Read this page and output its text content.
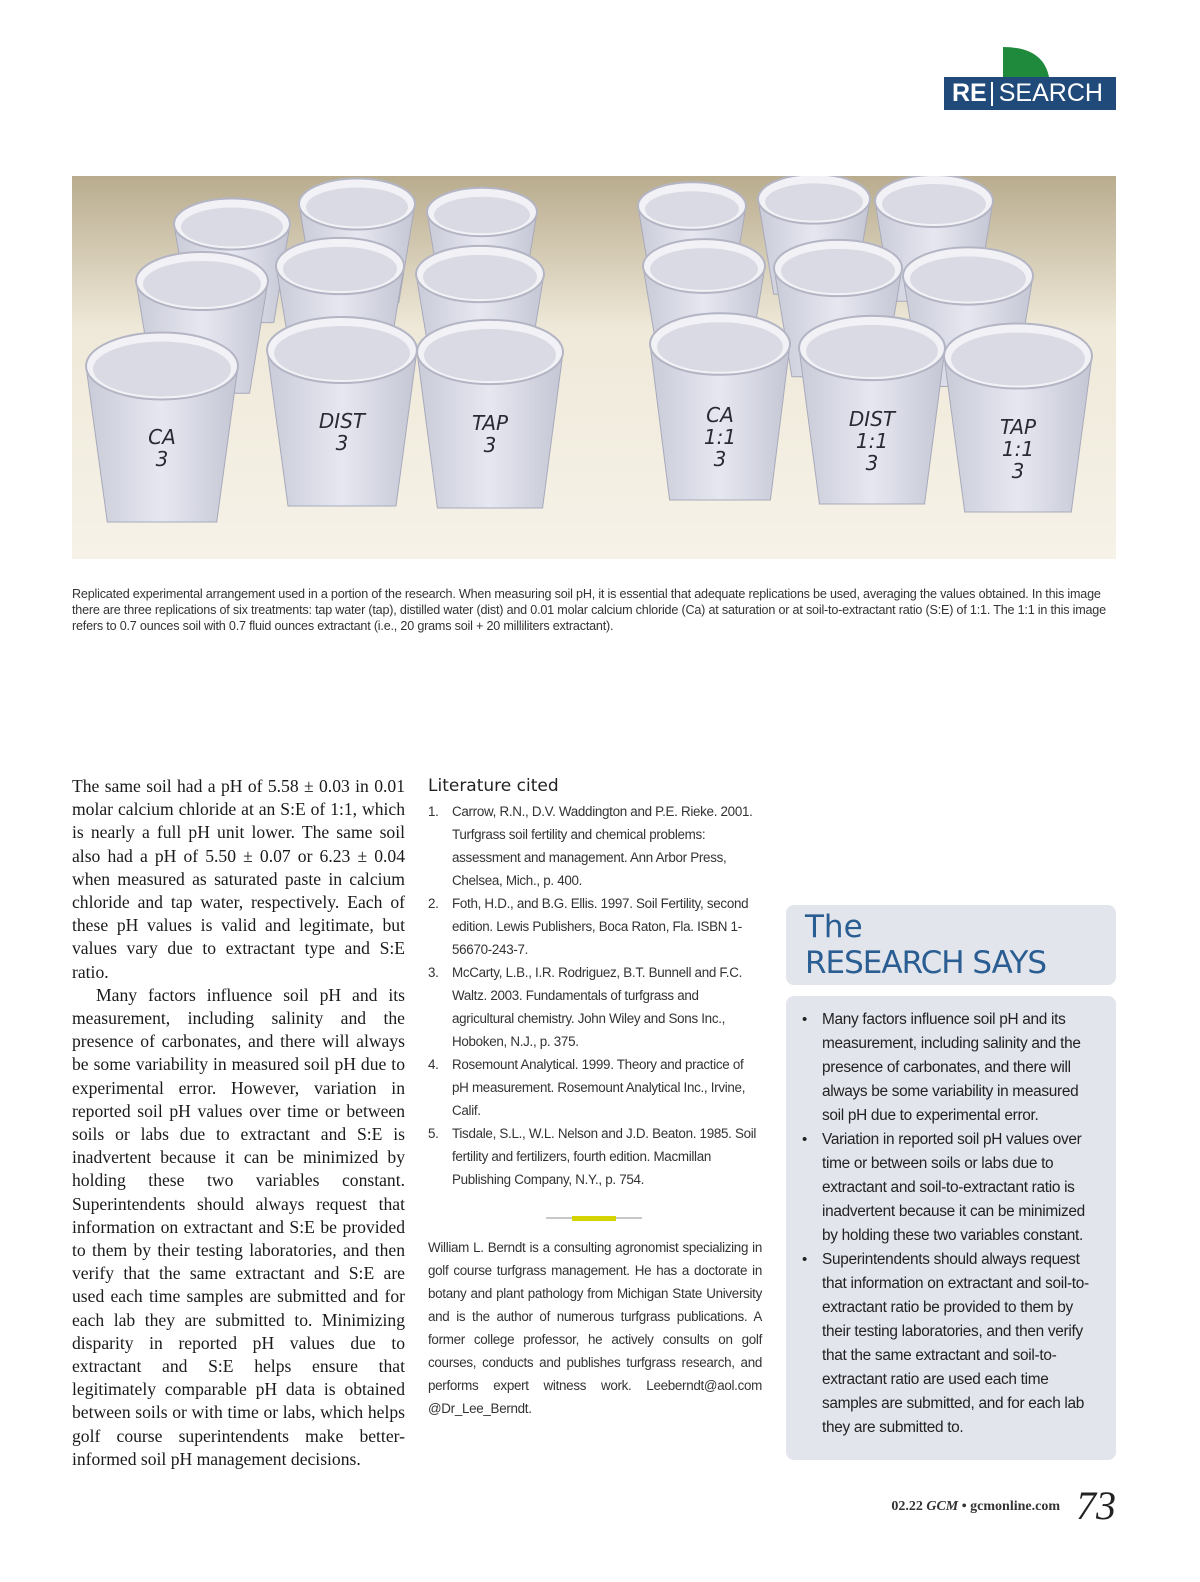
RE SEARCH
CA
3
DIST
3
TAP
3
CA
1:1
3
DIST
1:1
3
TAP
1:1
3
Replicated experimental arrangement used in a portion of the research. When measuring soil pH, it is essential that adequate replications be used, averaging the values obtained. In this image there are three replications of six treatments: tap water (tap), distilled water (dist) and 0.01 molar calcium chloride (Ca) at saturation or at soil-to-extractant ratio (S:E) of 1:1. The 1:1 in this image refers to 0.7 ounces soil with 0.7 fluid ounces extractant (i.e., 20 grams soil + 20 milliliters extractant).

The same soil had a pH of 5.58 ± 0.03 in 0.01 molar calcium chloride at an S:E of 1:1, which is nearly a full pH unit lower. The same soil also had a pH of 5.50 ± 0.07 or 6.23 ± 0.04 when measured as saturated paste in calcium chloride and tap water, respectively. Each of these pH values is valid and legitimate, but values vary due to extractant type and S:E ratio.

Many factors influence soil pH and its measurement, including salinity and the presence of carbonates, and there will always be some variability in measured soil pH due to experimental error. However, variation in reported soil pH values over time or between soils or labs due to extractant and S:E is inadvertent because it can be minimized by holding these two variables constant. Superintendents should always request that information on extractant and S:E be provided to them by their testing laboratories, and then verify that the same extractant and S:E are used each time samples are submitted and for each lab they are submitted to. Minimizing disparity in reported pH values due to extractant and S:E helps ensure that legitimately comparable pH data is obtained between soils or with time or labs, which helps golf course superintendents make better-informed soil pH management decisions.

Literature cited
1.	Carrow, R.N., D.V. Waddington and P.E. Rieke. 2001. Turfgrass soil fertility and chemical problems: assessment and management. Ann Arbor Press, Chelsea, Mich., p. 400.
2.	Foth, H.D., and B.G. Ellis. 1997. Soil Fertility, second edition. Lewis Publishers, Boca Raton, Fla. ISBN 1-56670-243-7.
3.	McCarty, L.B., I.R. Rodriguez, B.T. Bunnell and F.C. Waltz. 2003. Fundamentals of turfgrass and agricultural chemistry. John Wiley and Sons Inc., Hoboken, N.J., p. 375.
4.	Rosemount Analytical. 1999. Theory and practice of pH measurement. Rosemount Analytical Inc., Irvine, Calif.
5.	Tisdale, S.L., W.L. Nelson and J.D. Beaton. 1985. Soil fertility and fertilizers, fourth edition. Macmillan Publishing Company, N.Y., p. 754.
William L. Berndt is a consulting agronomist specializing in golf course turfgrass management. He has a doctorate in botany and plant pathology from Michigan State University and is the author of numerous turfgrass publications. A former college professor, he actively consults on golf courses, conducts and publishes turfgrass research, and performs expert witness work. Leeberndt@aol.com @Dr_Lee_Berndt.
The
RESEARCH SAYS
• Many factors influence soil pH and its measurement, including salinity and the presence of carbonates, and there will always be some variability in measured soil pH due to experimental error.
• Variation in reported soil pH values over time or between soils or labs due to extractant and soil-to-extractant ratio is inadvertent because it can be minimized by holding these two variables constant.
• Superintendents should always request that information on extractant and soil-to-extractant ratio be provided to them by their testing laboratories, and then verify that the same extractant and soil-to-extractant ratio are used each time samples are submitted, and for each lab they are submitted to.
02.22 GCM • gcmonline.com 73
